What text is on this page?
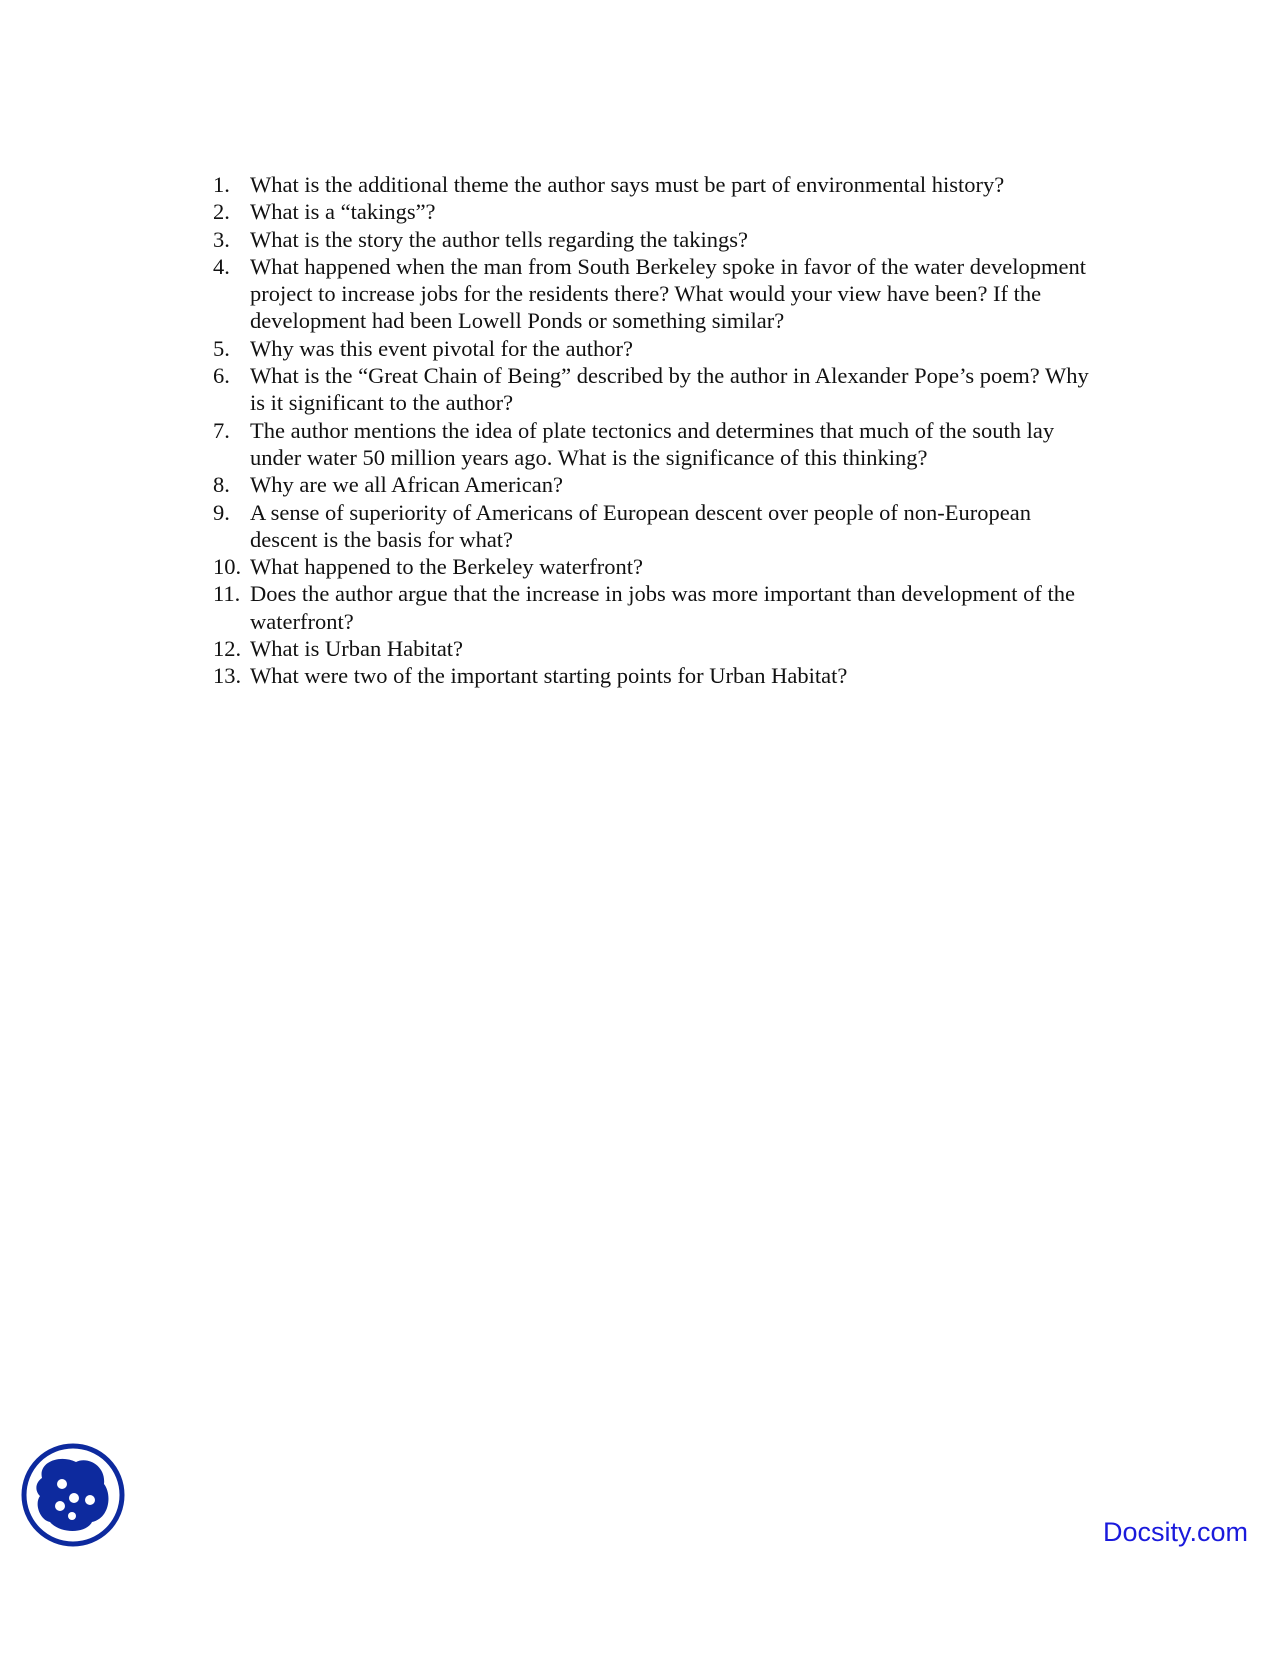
1. What is the additional theme the author says must be part of environmental history?
2. What is a “takings”?
3. What is the story the author tells regarding the takings?
4. What happened when the man from South Berkeley spoke in favor of the water development project to increase jobs for the residents there? What would your view have been? If the development had been Lowell Ponds or something similar?
5. Why was this event pivotal for the author?
6. What is the “Great Chain of Being” described by the author in Alexander Pope’s poem? Why is it significant to the author?
7. The author mentions the idea of plate tectonics and determines that much of the south lay under water 50 million years ago. What is the significance of this thinking?
8. Why are we all African American?
9. A sense of superiority of Americans of European descent over people of non-European descent is the basis for what?
10. What happened to the Berkeley waterfront?
11. Does the author argue that the increase in jobs was more important than development of the waterfront?
12. What is Urban Habitat?
13. What were two of the important starting points for Urban Habitat?
Docsity.com
